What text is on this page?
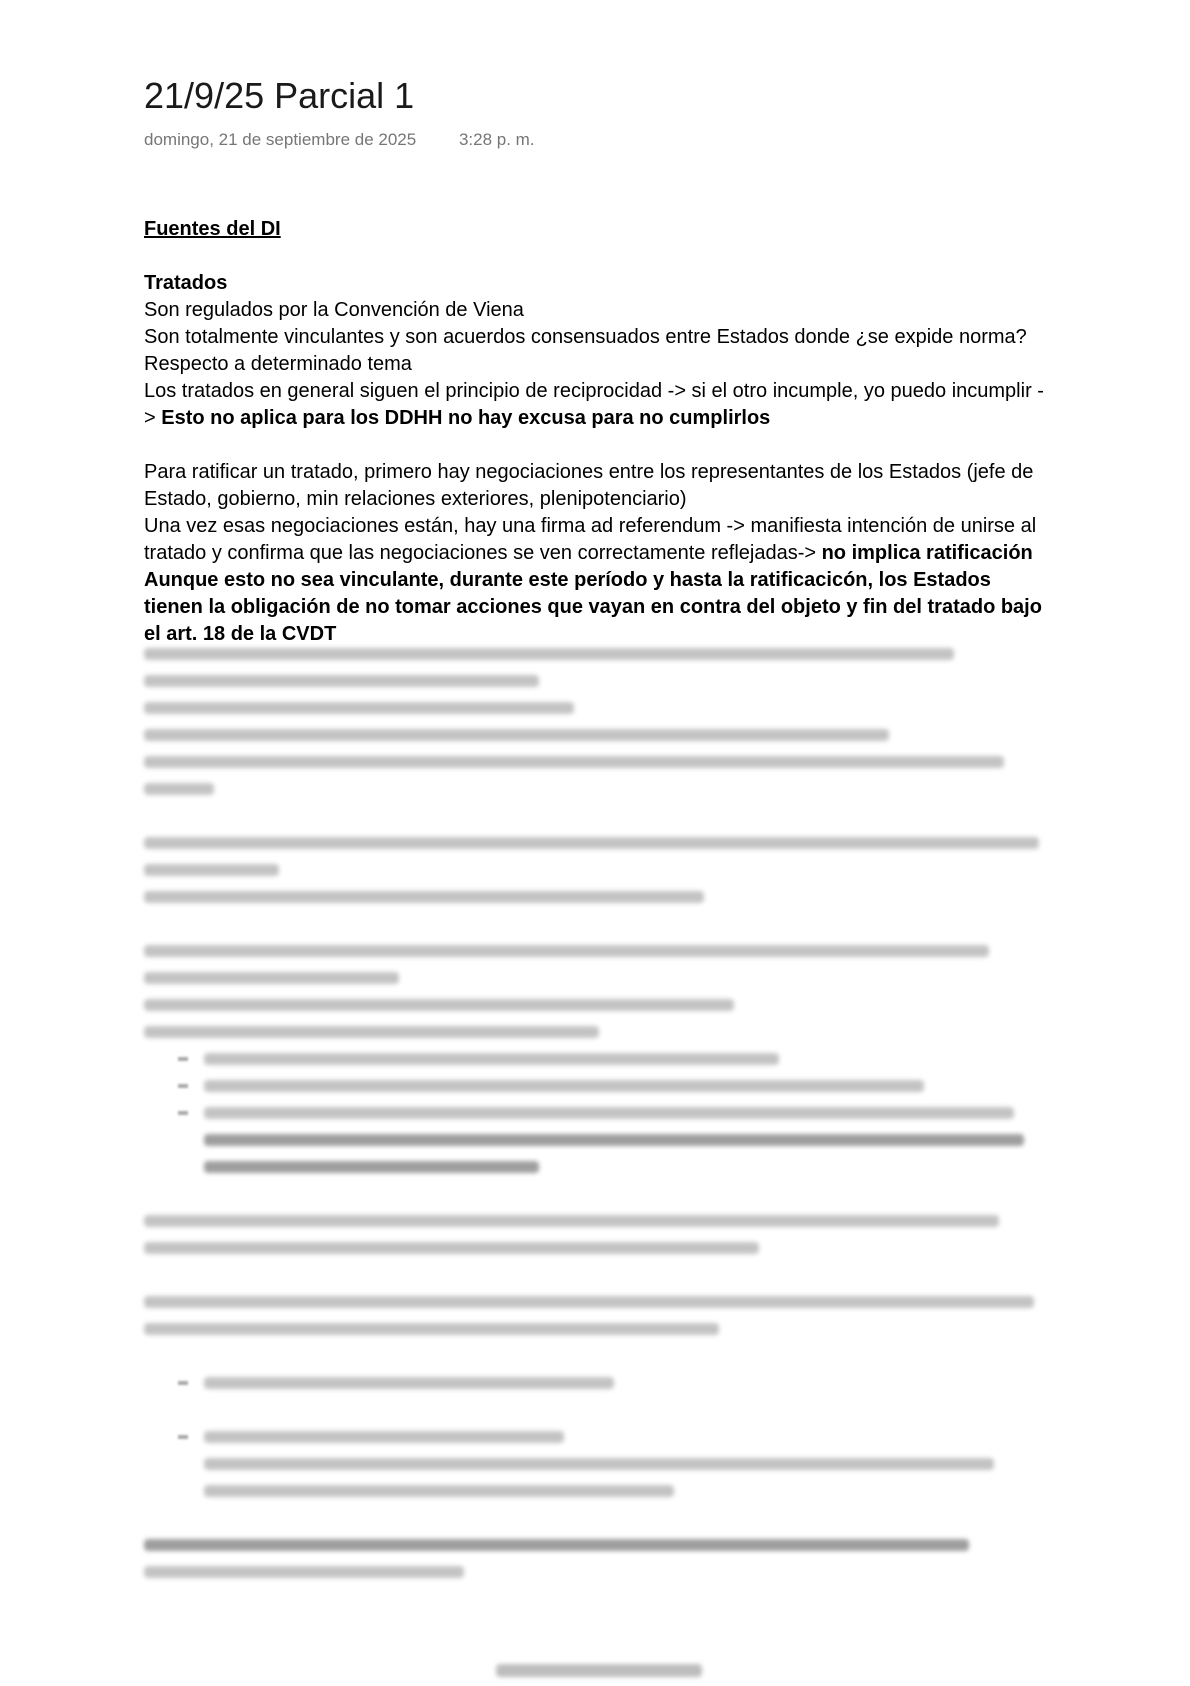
21/9/25 Parcial 1
domingo, 21 de septiembre de 2025	3:28 p. m.

Fuentes del DI

Tratados

Son regulados por la Convención de Viena

Son totalmente vinculantes y son acuerdos consensuados entre Estados donde ¿se expide norma? Respecto a determinado tema

Los tratados en general siguen el principio de reciprocidad -> si el otro incumple, yo puedo incumplir -> Esto no aplica para los DDHH no hay excusa para no cumplirlos

Para ratificar un tratado, primero hay negociaciones entre los representantes de los Estados (jefe de Estado, gobierno, min relaciones exteriores, plenipotenciario)

Una vez esas negociaciones están, hay una firma ad referendum -> manifiesta intención de unirse al tratado y confirma que las negociaciones se ven correctamente reflejadas-> no implica ratificación

Aunque esto no sea vinculante, durante este período y hasta la ratificacicón, los Estados tienen la obligación de no tomar acciones que vayan en contra del objeto y fin del tratado bajo el art. 18 de la CVDT
